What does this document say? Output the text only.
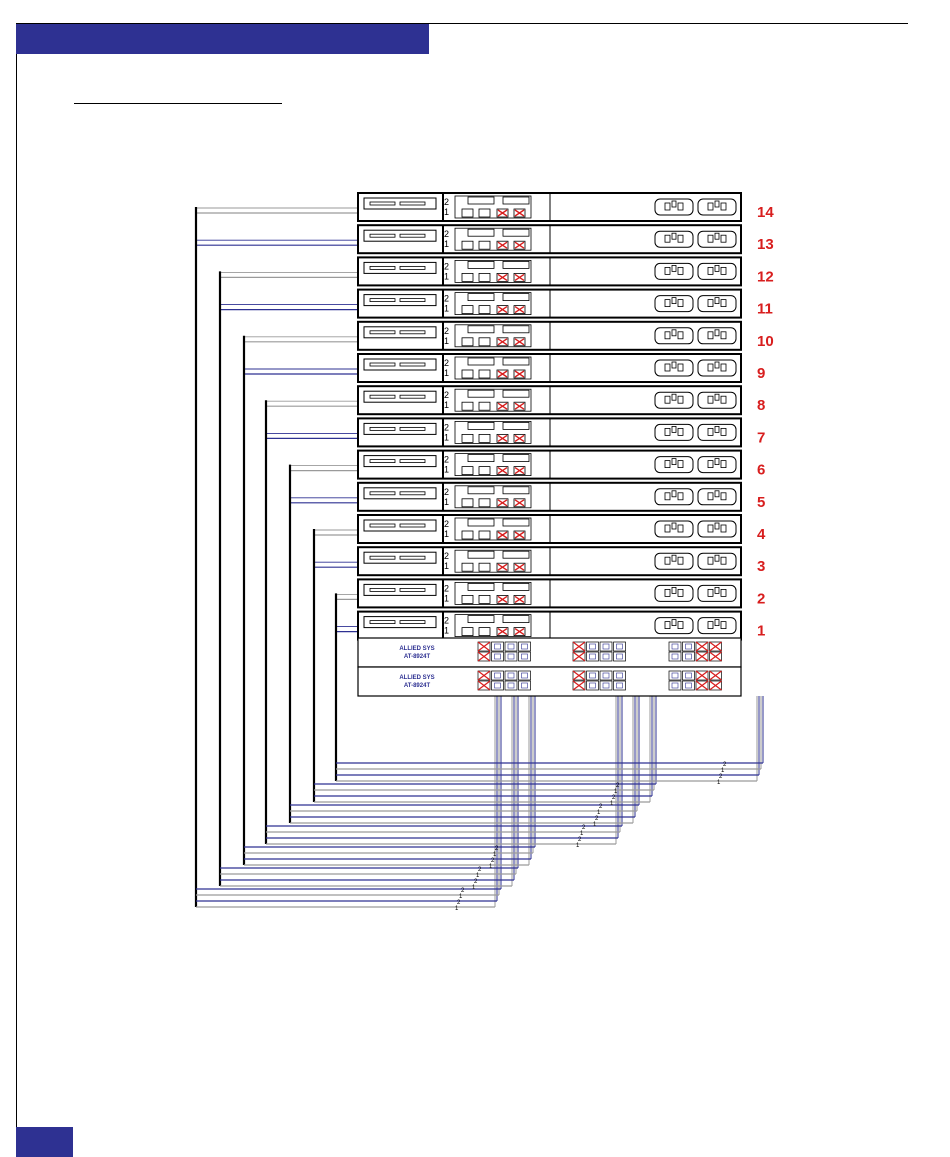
1
2
1
2 1
2
1
2 1
2
1
2	1
2
1
2 1
2
1
2 1
2
1
2	1
2
1
2
2
1	14
2
1	13
2
1	12
2
1	11
2
1	10
2
1	9
2
1	8
2
1	7
2
1	6
2
1	5
2
1	4
2
1	3
2
1	2
2
1	1
ALLIED SYS
AT-8924T
ALLIED SYS
AT-8924T
